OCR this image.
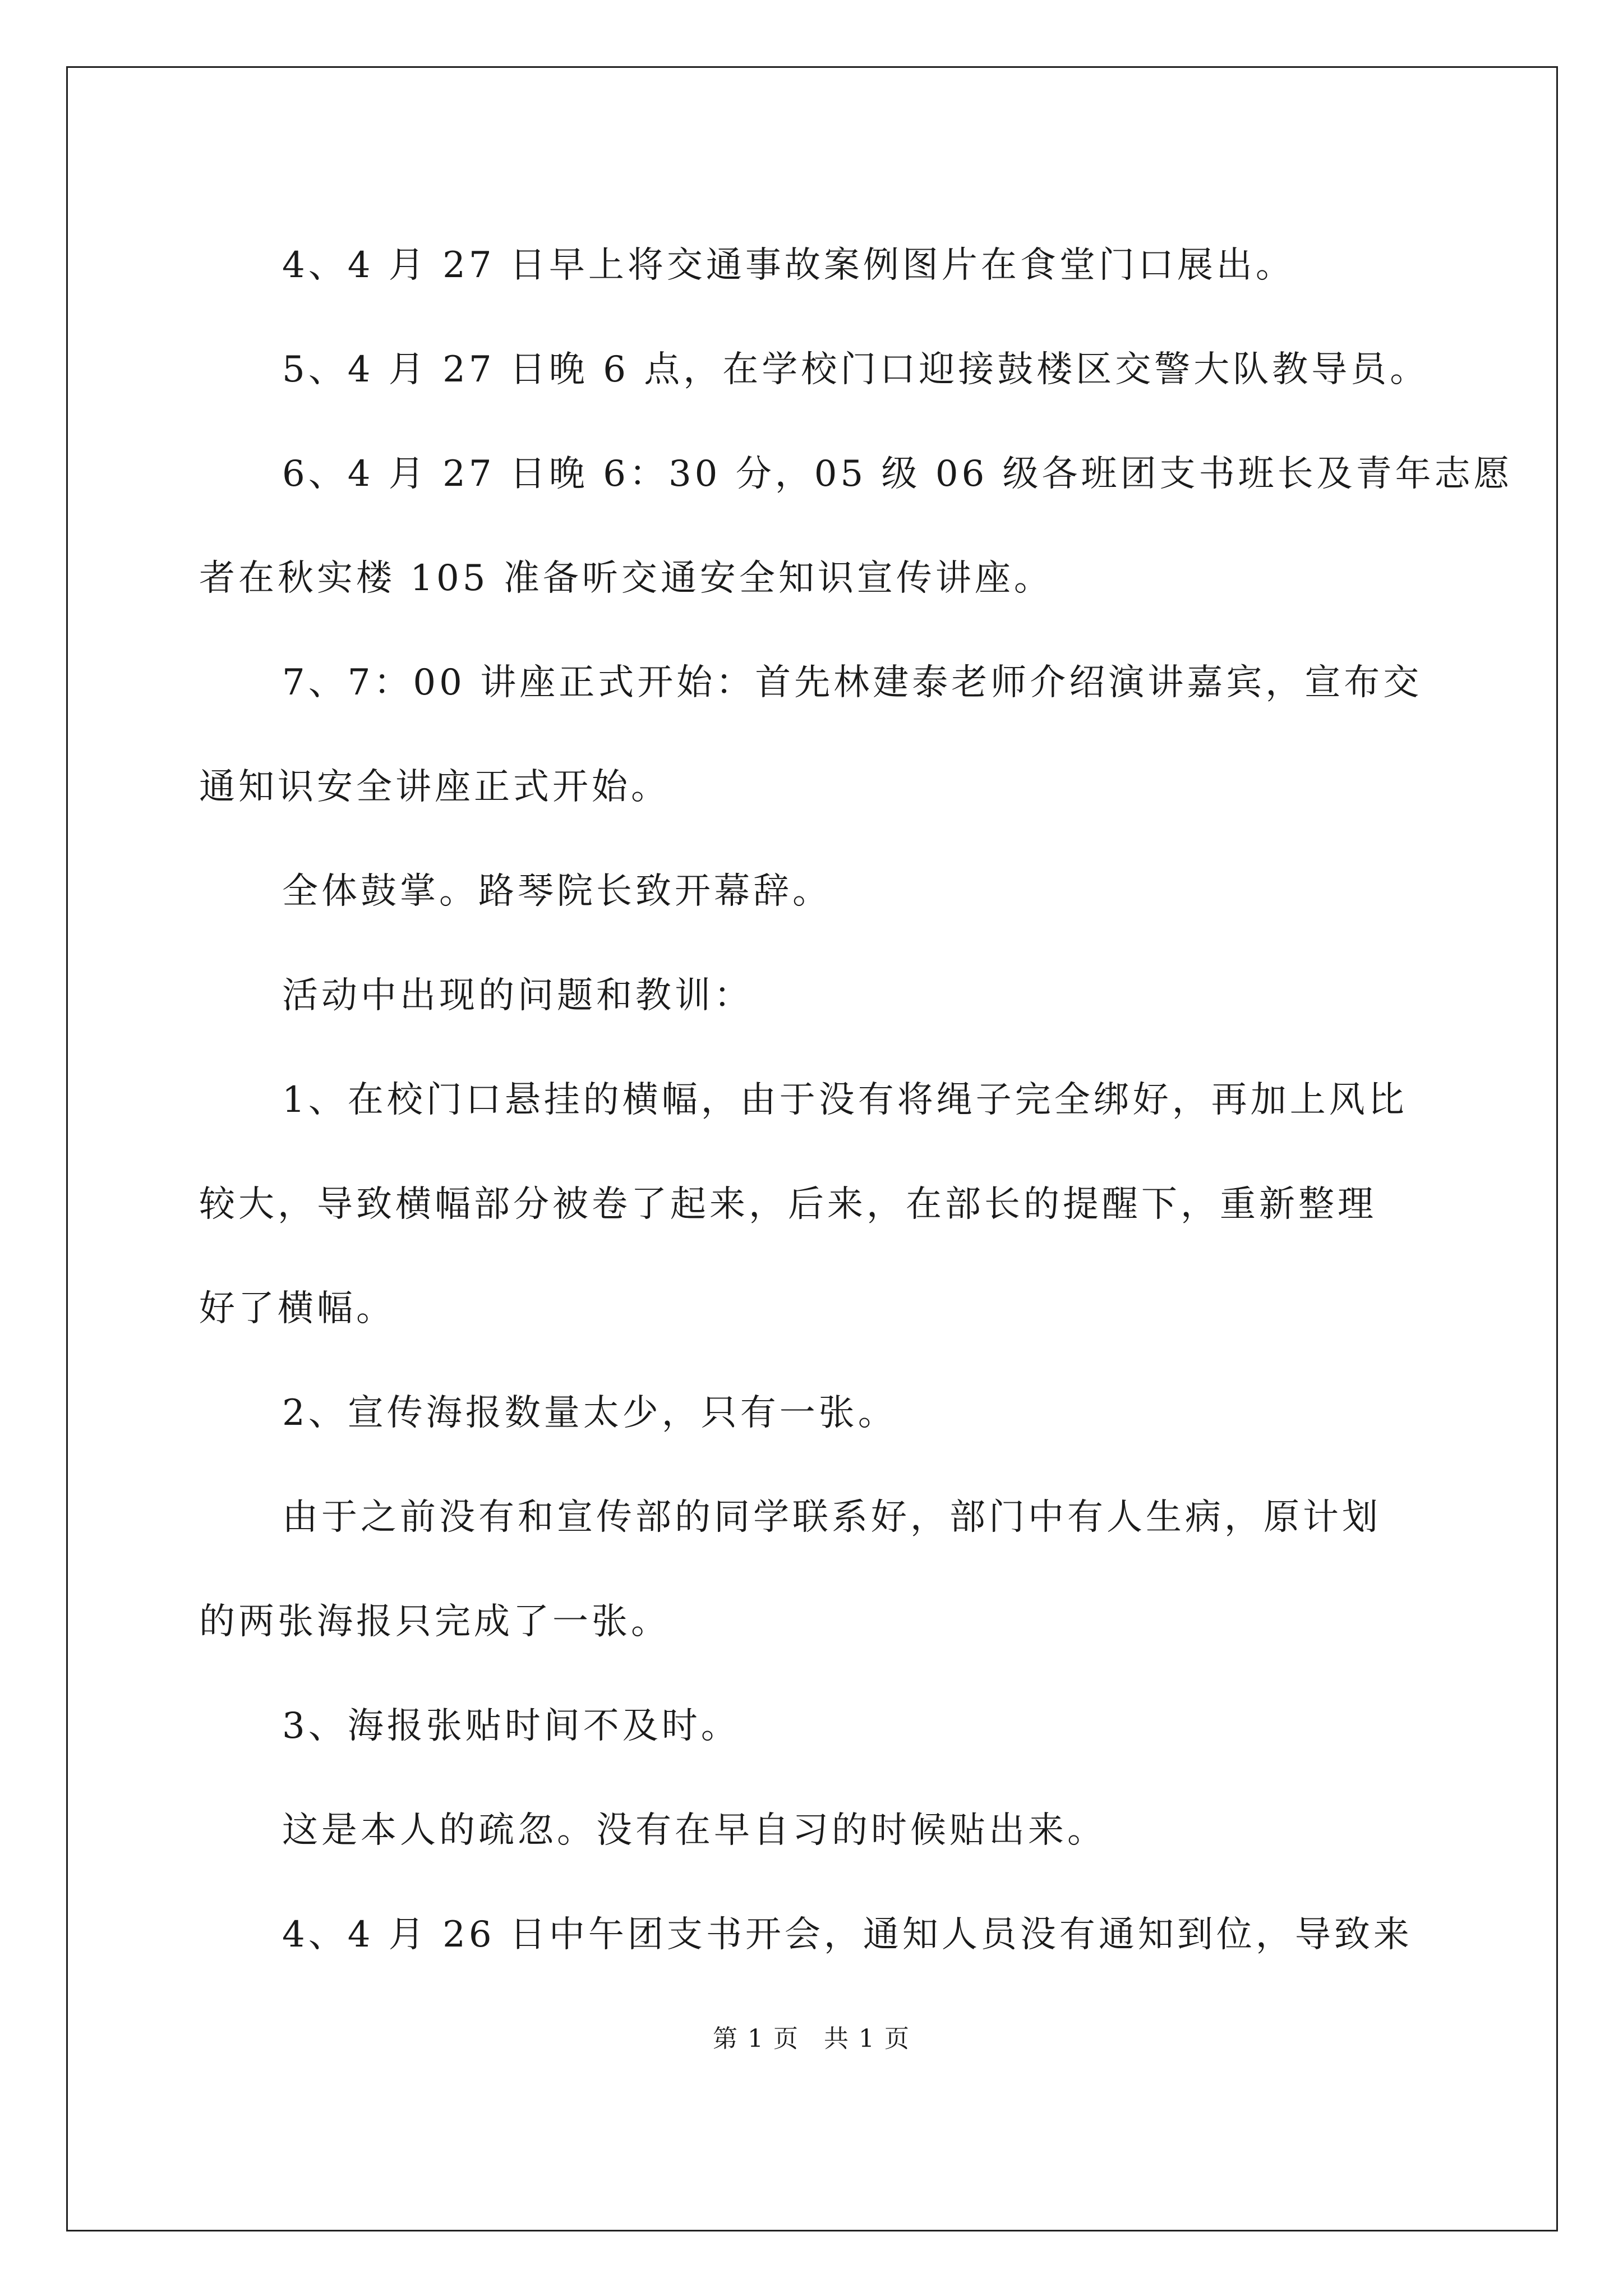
4、4 月 27 日早上将交通事故案例图片在食堂门口展出。

5、4 月 27 日晚 6 点，在学校门口迎接鼓楼区交警大队教导员。

6、4 月 27 日晚 6：30 分，05 级 06 级各班团支书班长及青年志愿
者在秋实楼 105 准备听交通安全知识宣传讲座。

7、7：00 讲座正式开始：首先林建泰老师介绍演讲嘉宾，宣布交
通知识安全讲座正式开始。

全体鼓掌。路琴院长致开幕辞。

活动中出现的问题和教训：

1、在校门口悬挂的横幅，由于没有将绳子完全绑好，再加上风比
较大，导致横幅部分被卷了起来，后来，在部长的提醒下，重新整理
好了横幅。

2、宣传海报数量太少，只有一张。

由于之前没有和宣传部的同学联系好，部门中有人生病，原计划
的两张海报只完成了一张。

3、海报张贴时间不及时。

这是本人的疏忽。没有在早自习的时候贴出来。

4、4 月 26 日中午团支书开会，通知人员没有通知到位，导致来

第 1 页 共 1 页
